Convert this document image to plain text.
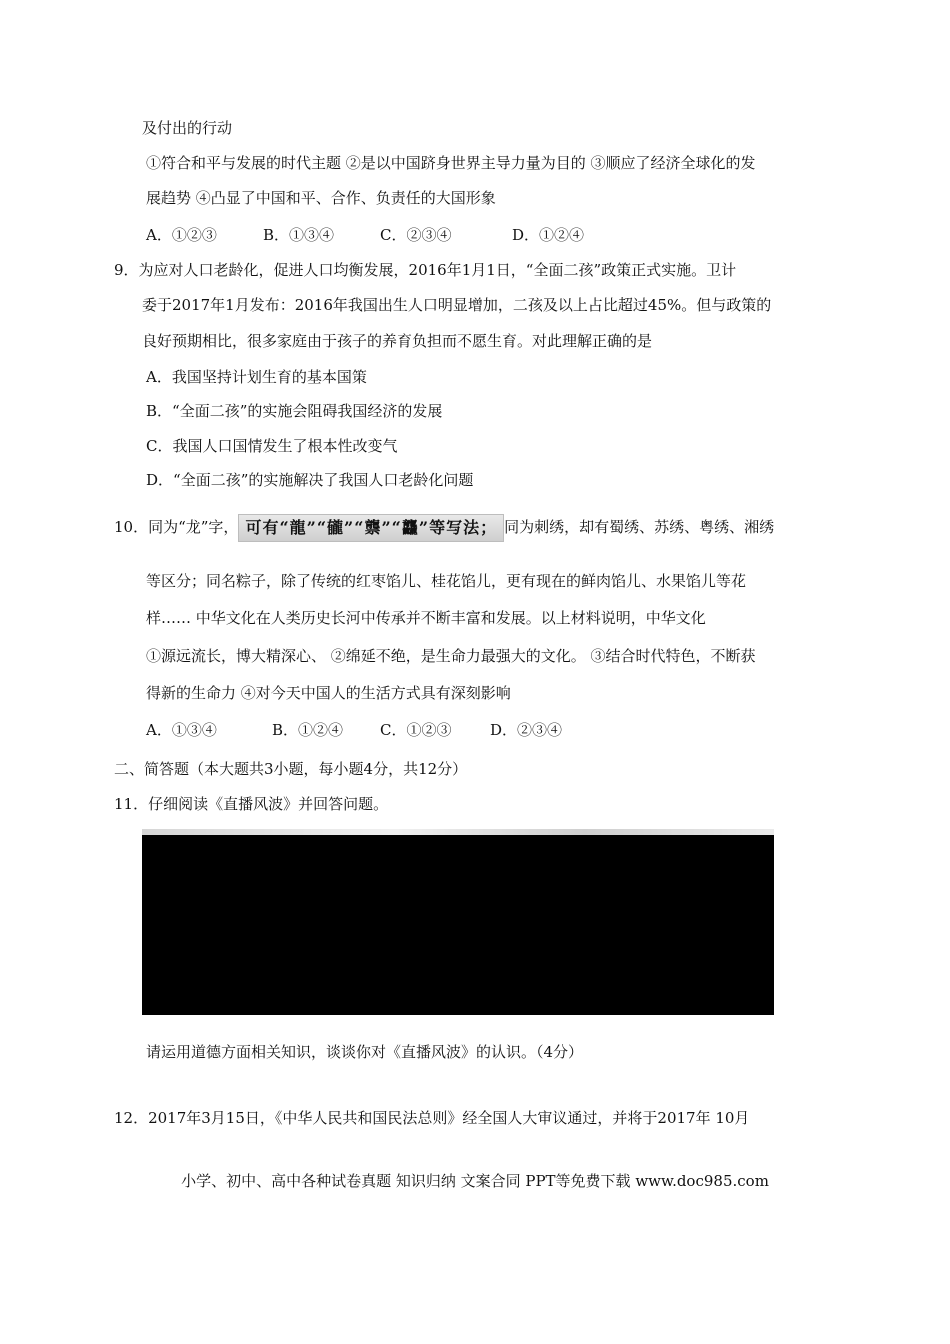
及付出的行动
①符合和平与发展的时代主题 ②是以中国跻身世界主导力量为目的 ③顺应了经济全球化的发
展趋势 ④凸显了中国和平、合作、负责任的大国形象
A．①②③	B．①③④	C．②③④	D．①②④
9．为应对人口老龄化，促进人口均衡发展，2016年1月1日，“全面二孩”政策正式实施。卫计
委于2017年1月发布：2016年我国出生人口明显增加，二孩及以上占比超过45%。但与政策的
良好预期相比，很多家庭由于孩子的养育负担而不愿生育。对此理解正确的是
A．我国坚持计划生育的基本国策
B．“全面二孩”的实施会阻碍我国经济的发展
C．我国人口国情发生了根本性改变气
D．“全面二孩”的实施解决了我国人口老龄化问题
10．同为“龙”字， 可有“龍”“龓”“龒”“龘”等写法； 同为刺绣，却有蜀绣、苏绣、粤绣、湘绣
等区分；同名粽子，除了传统的红枣馅儿、桂花馅儿，更有现在的鲜肉馅儿、水果馅儿等花
样…… 中华文化在人类历史长河中传承并不断丰富和发展。以上材料说明，中华文化
①源远流长，博大精深心、 ②绵延不绝，是生命力最强大的文化。 ③结合时代特色，不断获
得新的生命力 ④对今天中国人的生活方式具有深刻影响
A．①③④	B．①②④ C．①②③	D．②③④
二、简答题（本大题共3小题，每小题4分，共12分）
11．仔细阅读《直播风波》并回答问题。
请运用道德方面相关知识，谈谈你对《直播风波》的认识。（4分）
12．2017年3月15日，《中华人民共和国民法总则》经全国人大审议通过，并将于2017年 10月
小学、初中、高中各种试卷真题 知识归纳 文案合同 PPT等免费下载 www.doc985.com
